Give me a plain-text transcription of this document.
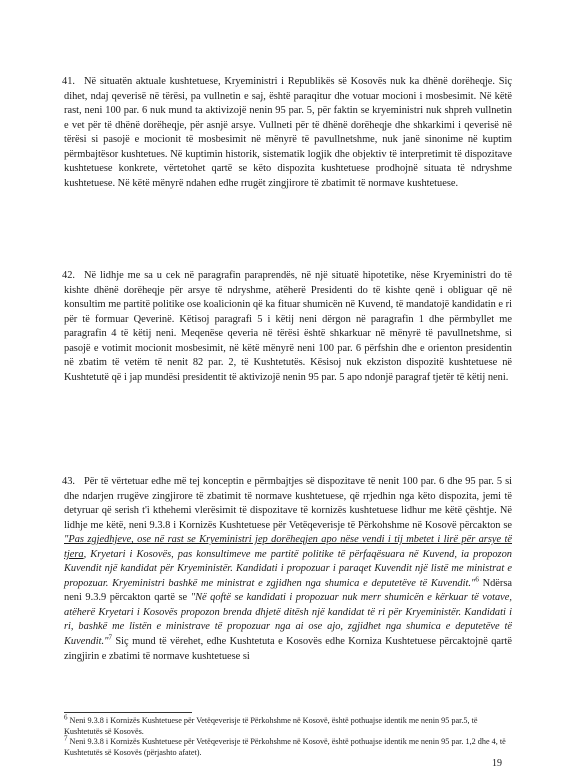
41. Në situatën aktuale kushtetuese, Kryeministri i Republikës së Kosovës nuk ka dhënë dorëheqje. Siç dihet, ndaj qeverisë në tërësi, pa vullnetin e saj, është paraqitur dhe votuar mocioni i mosbesimit. Në këtë rast, neni 100 par. 6 nuk mund ta aktivizojë nenin 95 par. 5, për faktin se kryeministri nuk shpreh vullnetin e vet për të dhënë dorëheqje, për asnjë arsye. Vullneti për të dhënë dorëheqje dhe shkarkimi i qeverisë në tërësi si pasojë e mocionit të mosbesimit në mënyrë të pavullnetshme, nuk janë sinonime në kuptim përmbajtësor kushtetues. Në kuptimin historik, sistematik logjik dhe objektiv të interpretimit të dispozitave kushtetuese konkrete, vërtetohet qartë se këto dispozita kushtetuese prodhojnë situata të ndryshme kushtetuese. Në këtë mënyrë ndahen edhe rrugët zingjirore të zbatimit të normave kushtetuese.

42. Në lidhje me sa u cek në paragrafin paraprendës, në një situatë hipotetike, nëse Kryeministri do të kishte dhënë dorëheqje për arsye të ndryshme, atëherë Presidenti do të kishte qenë i obliguar që në konsultim me partitë politike ose koalicionin që ka fituar shumicën në Kuvend, të mandatojë kandidatin e ri për të formuar Qeverinë. Këtisoj paragrafi 5 i këtij neni dërgon në paragrafin 1 dhe përmbyllet me paragrafin 4 të këtij neni. Meqenëse qeveria në tërësi është shkarkuar në mënyrë të pavullnetshme, si pasojë e votimit mocionit mosbesimit, në këtë mënyrë neni 100 par. 6 përfshin dhe e orienton presidentin në zbatim të vetëm të nenit 82 par. 2, të Kushtetutës. Kësisoj nuk ekziston dispozitë kushtetuese në Kushtetutë që i jap mundësi presidentit të aktivizojë nenin 95 par. 5 apo ndonjë paragraf tjetër të këtij neni.

43. Për të vërtetuar edhe më tej konceptin e përmbajtjes së dispozitave të nenit 100 par. 6 dhe 95 par. 5 si dhe ndarjen rrugëve zingjirore të zbatimit të normave kushtetuese, që rrjedhin nga këto dispozita, jemi të detyruar që serish t'i kthehemi vlerësimit të dispozitave të kornizës kushtetuese lidhur me këtë çështje. Në lidhje me këtë, neni 9.3.8 i Kornizës Kushtetuese për Vetëqeverisje të Përkohshme në Kosovë përcakton se "Pas zgjedhjeve, ose në rast se Kryeministri jep dorëheqjen apo nëse vendi i tij mbetet i lirë për arsye të tjera, Kryetari i Kosovës, pas konsultimeve me partitë politike të përfaqësuara në Kuvend, ia propozon Kuvendit një kandidat për Kryeministër. Kandidati i propozuar i paraqet Kuvendit një listë me ministrat e propozuar. Kryeministri bashkë me ministrat e zgjidhen nga shumica e deputetëve të Kuvendit."$^6$ Ndërsa neni 9.3.9 përcakton qartë se "Në qoftë se kandidati i propozuar nuk merr shumicën e kërkuar të votave, atëherë Kryetari i Kosovës propozon brenda dhjetë ditësh një kandidat të ri për Kryeministër. Kandidati i ri, bashkë me listën e ministrave të propozuar nga ai ose ajo, zgjidhet nga shumica e deputetëve të Kuvendit."$^7$ Siç mund të vërehet, edhe Kushtetuta e Kosovës edhe Korniza Kushtetuese përcaktojnë qartë zingjirin e zbatimi të normave kushtetuese si

$^6$ Neni 9.3.8 i Kornizës Kushtetuese për Vetëqeverisje të Përkohshme në Kosovë, është pothuajse identik me nenin 95 par.5, të Kushtetutës së Kosovës.

$^7$ Neni 9.3.8 i Kornizës Kushtetuese për Vetëqeverisje të Përkohshme në Kosovë, është pothuajse identik me nenin 95 par. 1,2 dhe 4, të Kushtetutës së Kosovës (përjashto afatet).

19
